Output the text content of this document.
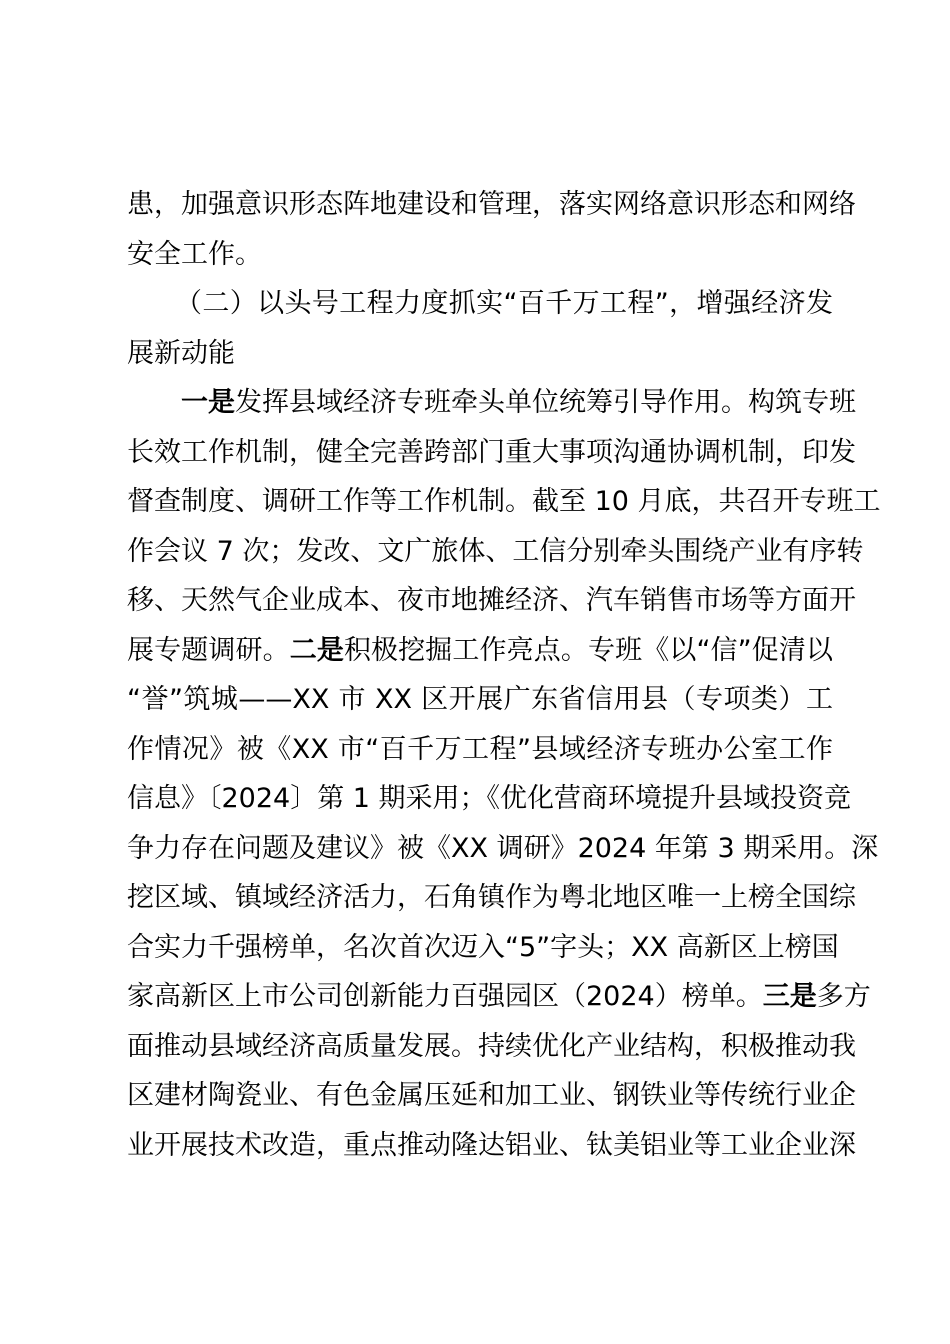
患，加强意识形态阵地建设和管理，落实网络意识形态和网络
安全工作。
（二）以头号工程力度抓实“百千万工程”，增强经济发
展新动能
一是发挥县域经济专班牵头单位统筹引导作用。构筑专班
长效工作机制，健全完善跨部门重大事项沟通协调机制，印发
督查制度、调研工作等工作机制。截至 10 月底，共召开专班工
作会议 7 次；发改、文广旅体、工信分别牵头围绕产业有序转
移、天然气企业成本、夜市地摊经济、汽车销售市场等方面开
展专题调研。二是积极挖掘工作亮点。专班《以“信”促清以
“誉”筑城——XX 市 XX 区开展广东省信用县（专项类）工
作情况》被《XX 市“百千万工程”县域经济专班办公室工作
信息》〔2024〕第 1 期采用；《优化营商环境提升县域投资竞
争力存在问题及建议》被《XX 调研》2024 年第 3 期采用。深
挖区域、镇域经济活力，石角镇作为粤北地区唯一上榜全国综
合实力千强榜单，名次首次迈入“5”字头；XX 高新区上榜国
家高新区上市公司创新能力百强园区（2024）榜单。三是多方
面推动县域经济高质量发展。持续优化产业结构，积极推动我
区建材陶瓷业、有色金属压延和加工业、钢铁业等传统行业企
业开展技术改造，重点推动隆达铝业、钛美铝业等工业企业深
